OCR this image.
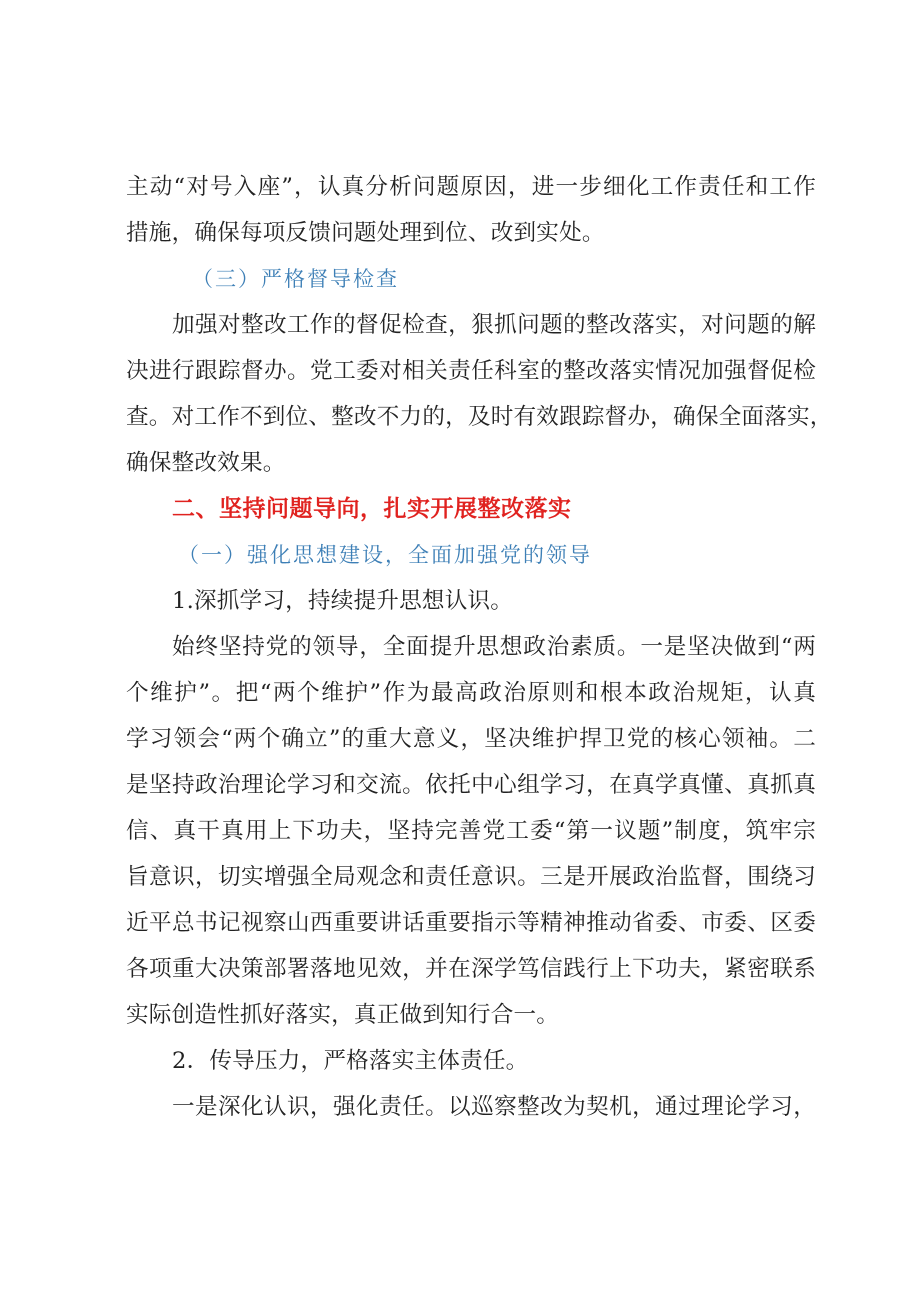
主动“对号入座”，认真分析问题原因，进一步细化工作责任和工作
措施，确保每项反馈问题处理到位、改到实处。
（三）严格督导检查
加强对整改工作的督促检查，狠抓问题的整改落实，对问题的解
决进行跟踪督办。党工委对相关责任科室的整改落实情况加强督促检
查。对工作不到位、整改不力的，及时有效跟踪督办，确保全面落实，
确保整改效果。
二、坚持问题导向，扎实开展整改落实
（一）强化思想建设，全面加强党的领导
1.深抓学习，持续提升思想认识。
始终坚持党的领导，全面提升思想政治素质。一是坚决做到“两
个维护”。把“两个维护”作为最高政治原则和根本政治规矩，认真
学习领会“两个确立”的重大意义，坚决维护捍卫党的核心领袖。二
是坚持政治理论学习和交流。依托中心组学习，在真学真懂、真抓真
信、真干真用上下功夫，坚持完善党工委“第一议题”制度，筑牢宗
旨意识，切实增强全局观念和责任意识。三是开展政治监督，围绕习
近平总书记视察山西重要讲话重要指示等精神推动省委、市委、区委
各项重大决策部署落地见效，并在深学笃信践行上下功夫，紧密联系
实际创造性抓好落实，真正做到知行合一。
2．传导压力，严格落实主体责任。
一是深化认识，强化责任。以巡察整改为契机，通过理论学习，
